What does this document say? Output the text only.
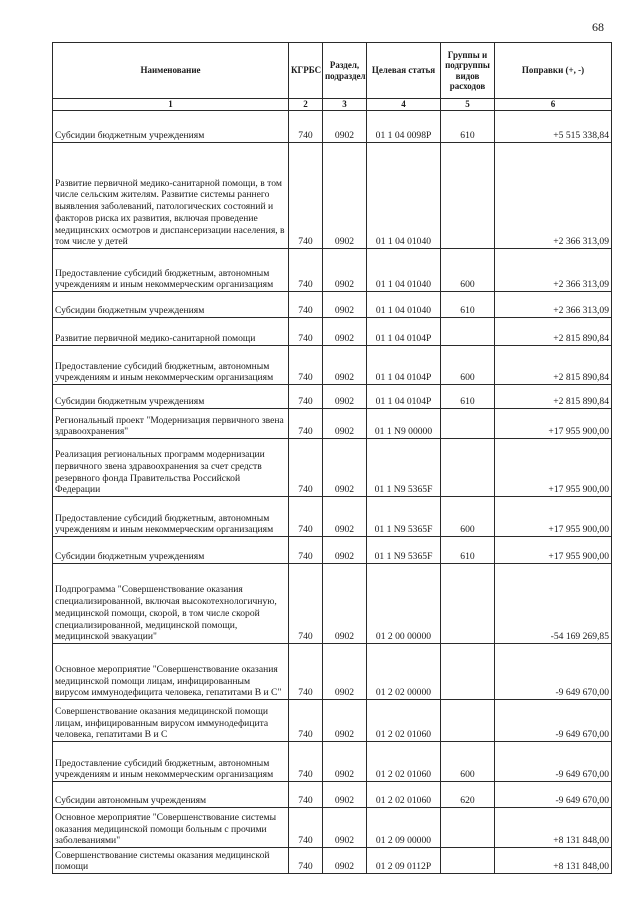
68
Наименование	КГРБС	Раздел, подраздел	Целевая статья	Группы и подгруппы видов расходов	Поправки (+, -)
1	2	3	4	5	6
Субсидии бюджетным учреждениям	740	0902	01 1 04 0098P	610	+5 515 338,84
Развитие первичной медико-санитарной помощи, в том числе сельским жителям. Развитие системы раннего выявления заболеваний, патологических состояний и факторов риска их развития, включая проведение медицинских осмотров и диспансеризации населения, в том числе у детей	740	0902	01 1 04 01040		+2 366 313,09
Предоставление субсидий бюджетным, автономным учреждениям и иным некоммерческим организациям	740	0902	01 1 04 01040	600	+2 366 313,09
Субсидии бюджетным учреждениям	740	0902	01 1 04 01040	610	+2 366 313,09
Развитие первичной медико-санитарной помощи	740	0902	01 1 04 0104P		+2 815 890,84
Предоставление субсидий бюджетным, автономным учреждениям и иным некоммерческим организациям	740	0902	01 1 04 0104P	600	+2 815 890,84
Субсидии бюджетным учреждениям	740	0902	01 1 04 0104P	610	+2 815 890,84
Региональный проект "Модернизация первичного звена здравоохранения"	740	0902	01 1 N9 00000		+17 955 900,00
Реализация региональных программ модернизации первичного звена здравоохранения за счет средств резервного фонда Правительства Российской Федерации	740	0902	01 1 N9 5365F		+17 955 900,00
Предоставление субсидий бюджетным, автономным учреждениям и иным некоммерческим организациям	740	0902	01 1 N9 5365F	600	+17 955 900,00
Субсидии бюджетным учреждениям	740	0902	01 1 N9 5365F	610	+17 955 900,00
Подпрограмма "Совершенствование оказания специализированной, включая высокотехнологичную, медицинской помощи, скорой, в том числе скорой специализированной, медицинской помощи, медицинской эвакуации"	740	0902	01 2 00 00000		-54 169 269,85
Основное мероприятие "Совершенствование оказания медицинской помощи лицам, инфицированным вирусом иммунодефицита человека, гепатитами В и С"	740	0902	01 2 02 00000		-9 649 670,00
Совершенствование оказания медицинской помощи лицам, инфицированным вирусом иммунодефицита человека, гепатитами В и С	740	0902	01 2 02 01060		-9 649 670,00
Предоставление субсидий бюджетным, автономным учреждениям и иным некоммерческим организациям	740	0902	01 2 02 01060	600	-9 649 670,00
Субсидии автономным учреждениям	740	0902	01 2 02 01060	620	-9 649 670,00
Основное мероприятие "Совершенствование системы оказания медицинской помощи больным с прочими заболеваниями"	740	0902	01 2 09 00000		+8 131 848,00
Совершенствование системы оказания медицинской помощи	740	0902	01 2 09 0112P		+8 131 848,00
